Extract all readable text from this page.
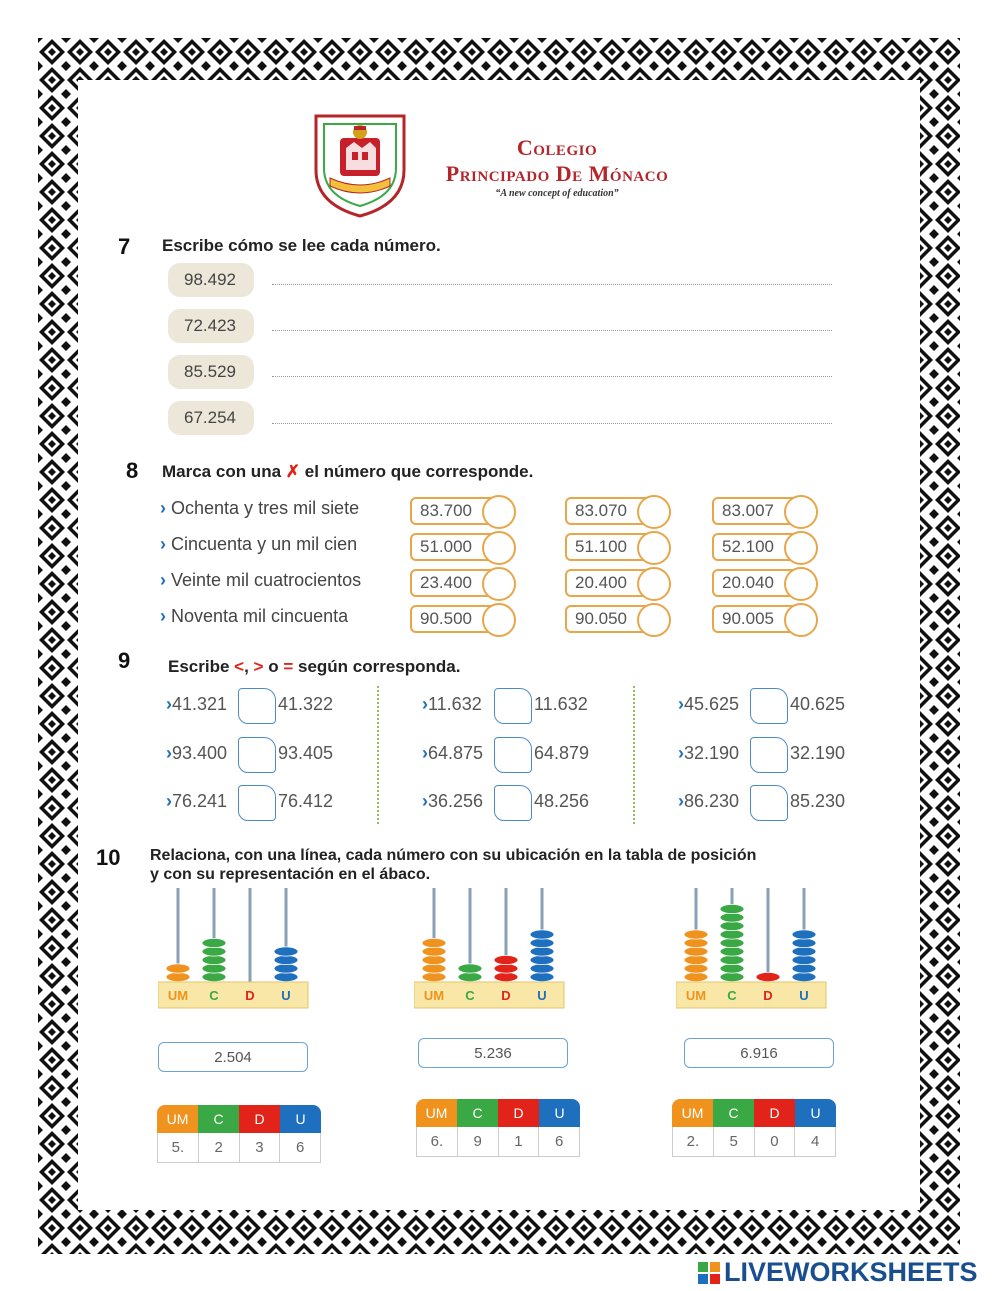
Colegio
Principado De Mónaco
“A new concept of education”
7 Escribe cómo se lee cada número.
98.492
72.423
85.529
67.254
8 Marca con una ✗ el número que corresponde.
› Ochenta y tres mil siete	83.700	83.070	83.007
› Cincuenta y un mil cien	51.000	51.100	52.100
› Veinte mil cuatrocientos	23.400	20.400	20.040
› Noventa mil cincuenta	90.500	90.050	90.005
9 Escribe <, > o = según corresponda.
›41.321	41.322
›93.400	93.405
›76.241	76.412
›11.632	11.632
›64.875	64.879
›36.256	48.256
›45.625	40.625
›32.190	32.190
›86.230	85.230
10 Relaciona, con una línea, cada número con su ubicación en la tabla de posición
y con su representación en el ábaco.
UM C D U	UM C D U	UM C D U
2.504	5.236	6.916
UM	C	D	U
5.	2	3	6
UM	C	D	U
6.	9	1	6
UM	C	D	U
2.	5	0	4
LIVEWORKSHEETS
